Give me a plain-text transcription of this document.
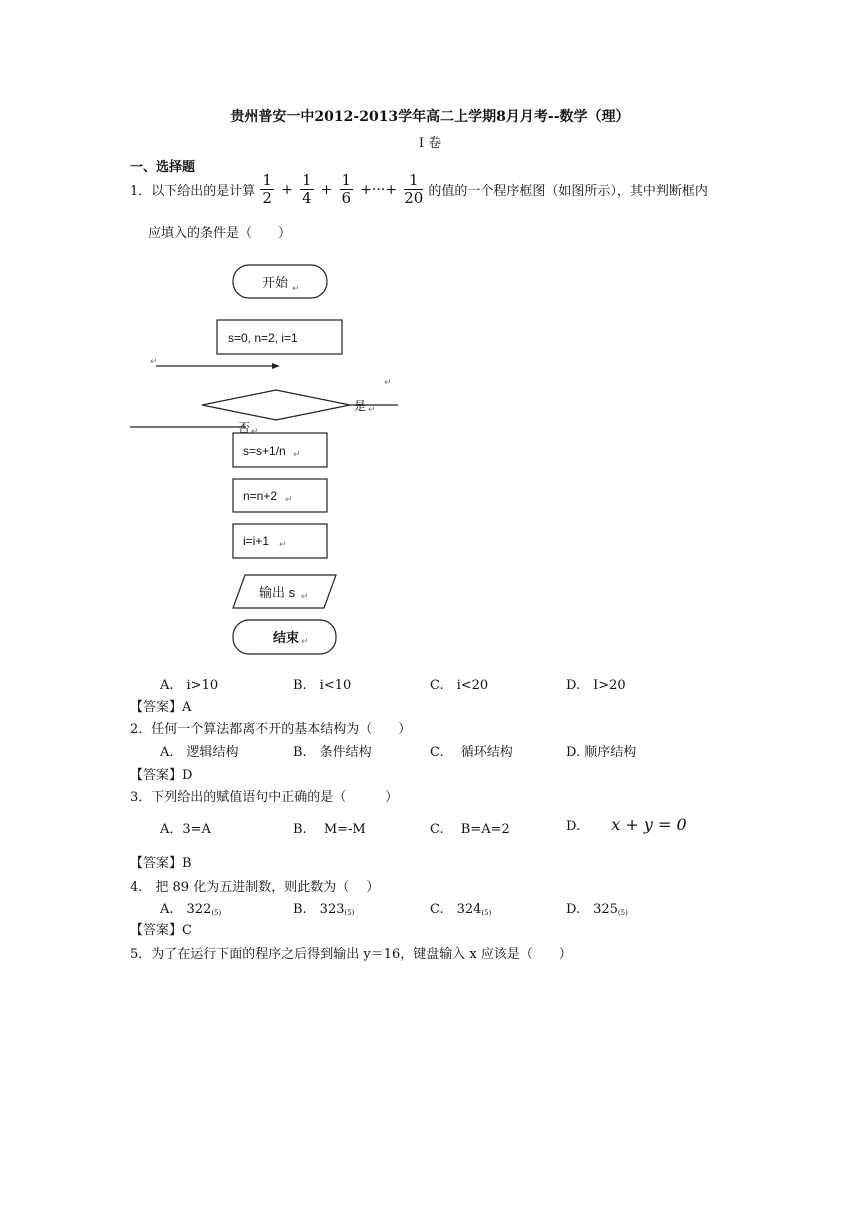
贵州普安一中2012-2013学年高二上学期8月月考--数学（理）
I 卷
一、选择题
1．以下给出的是计算 $\frac{1}{2} + \frac{1}{4} + \frac{1}{6}$ +···+ $\frac{1}{20}$ 的值的一个程序框图（如图所示），其中判断框内
应填入的条件是（　　）
开始 ↵
s=0, n=2, i=1
↵
↵
是 ↵
否 ↵
s=s+1/n ↵
n=n+2 ↵
i=i+1 ↵
输出 s ↵
结束 ↵
A.　i>10	B.　i<10	C.　i<20	D.　I>20
【答案】A
2．任何一个算法都离不开的基本结构为（　　）
A.　逻辑结构	B.　条件结构	C.　 循环结构	D. 顺序结构
【答案】D
3．下列给出的赋值语句中正确的是（　　　）
A．3=A	B.　 M=-M	C.　 B=A=2	D.　 x + y = 0
【答案】B
4.　把 89 化为五进制数，则此数为（　 ）
A.　$322_{(5)}$	B.　$323_{(5)}$	C.　$324_{(5)}$	D.　$325_{(5)}$
【答案】C
5．为了在运行下面的程序之后得到输出 y＝16，键盘输入 x 应该是（　　）
